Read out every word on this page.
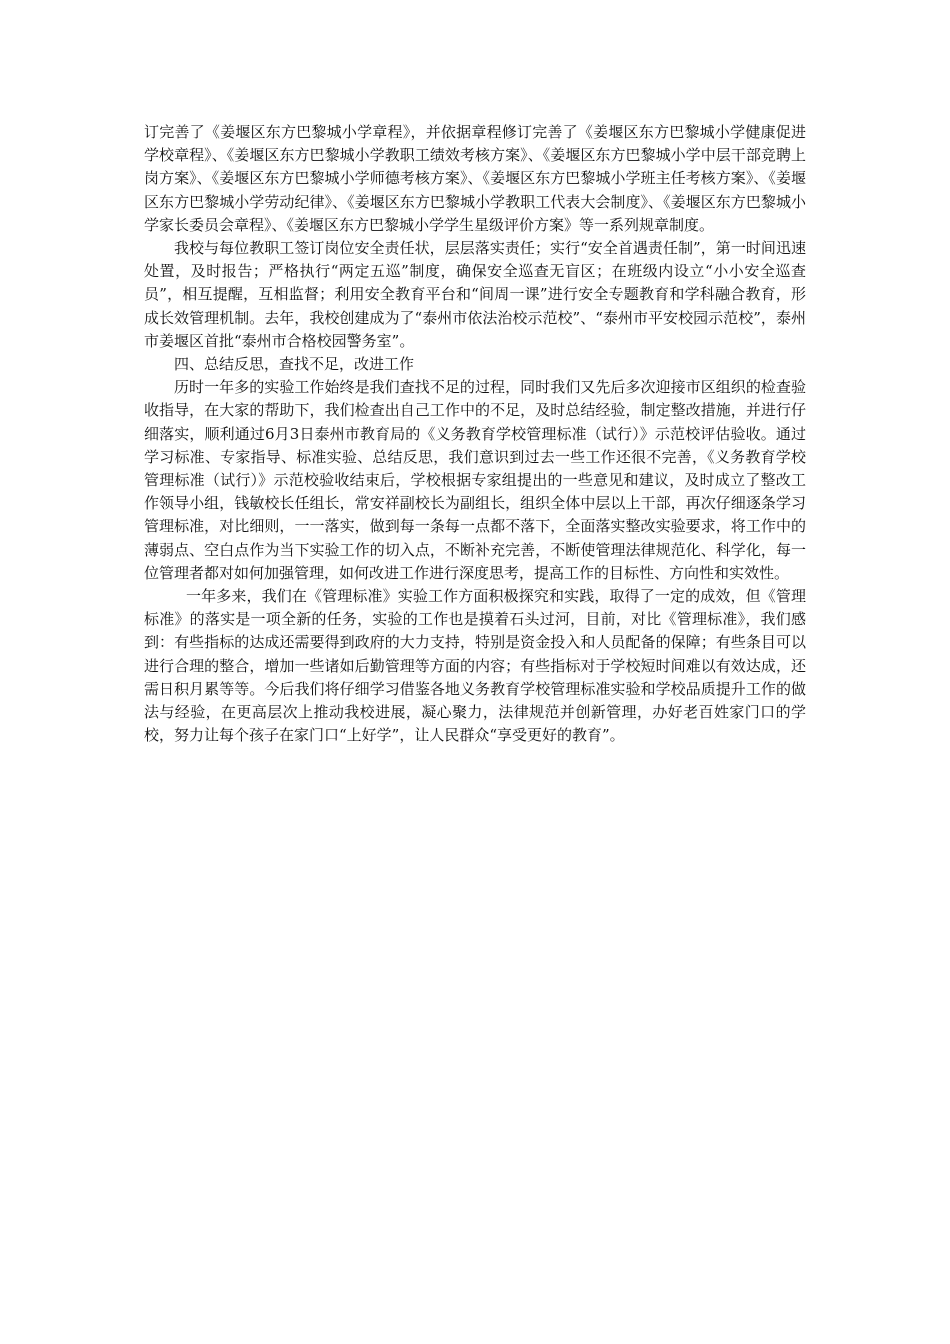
订完善了《姜堰区东方巴黎城小学章程》，并依据章程修订完善了《姜堰区东方巴黎城小学健康促进学校章程》、《姜堰区东方巴黎城小学教职工绩效考核方案》、《姜堰区东方巴黎城小学中层干部竞聘上岗方案》、《姜堰区东方巴黎城小学师德考核方案》、《姜堰区东方巴黎城小学班主任考核方案》、《姜堰区东方巴黎城小学劳动纪律》、《姜堰区东方巴黎城小学教职工代表大会制度》、《姜堰区东方巴黎城小学家长委员会章程》、《姜堰区东方巴黎城小学学生星级评价方案》等一系列规章制度。

我校与每位教职工签订岗位安全责任状，层层落实责任；实行“安全首遇责任制”，第一时间迅速处置，及时报告；严格执行“两定五巡”制度，确保安全巡查无盲区；在班级内设立“小小安全巡查员”，相互提醒，互相监督；利用安全教育平台和“间周一课”进行安全专题教育和学科融合教育，形成长效管理机制。去年，我校创建成为了“泰州市依法治校示范校”、“泰州市平安校园示范校”，泰州市姜堰区首批“泰州市合格校园警务室”。

四、总结反思，查找不足，改进工作

历时一年多的实验工作始终是我们查找不足的过程，同时我们又先后多次迎接市区组织的检查验收指导，在大家的帮助下，我们检查出自己工作中的不足，及时总结经验，制定整改措施，并进行仔细落实，顺利通过6月3日泰州市教育局的《义务教育学校管理标准（试行）》示范校评估验收。通过学习标准、专家指导、标准实验、总结反思，我们意识到过去一些工作还很不完善，《义务教育学校管理标准（试行）》示范校验收结束后，学校根据专家组提出的一些意见和建议，及时成立了整改工作领导小组，钱敏校长任组长，常安祥副校长为副组长，组织全体中层以上干部，再次仔细逐条学习管理标准，对比细则，一一落实，做到每一条每一点都不落下，全面落实整改实验要求，将工作中的薄弱点、空白点作为当下实验工作的切入点，不断补充完善，不断使管理法律规范化、科学化，每一位管理者都对如何加强管理，如何改进工作进行深度思考，提高工作的目标性、方向性和实效性。

一年多来，我们在《管理标准》实验工作方面积极探究和实践，取得了一定的成效，但《管理标准》的落实是一项全新的任务，实验的工作也是摸着石头过河，目前，对比《管理标准》，我们感到：有些指标的达成还需要得到政府的大力支持，特别是资金投入和人员配备的保障；有些条目可以进行合理的整合，增加一些诸如后勤管理等方面的内容；有些指标对于学校短时间难以有效达成，还需日积月累等等。今后我们将仔细学习借鉴各地义务教育学校管理标准实验和学校品质提升工作的做法与经验，在更高层次上推动我校进展，凝心聚力，法律规范并创新管理，办好老百姓家门口的学校，努力让每个孩子在家门口“上好学”，让人民群众“享受更好的教育”。
